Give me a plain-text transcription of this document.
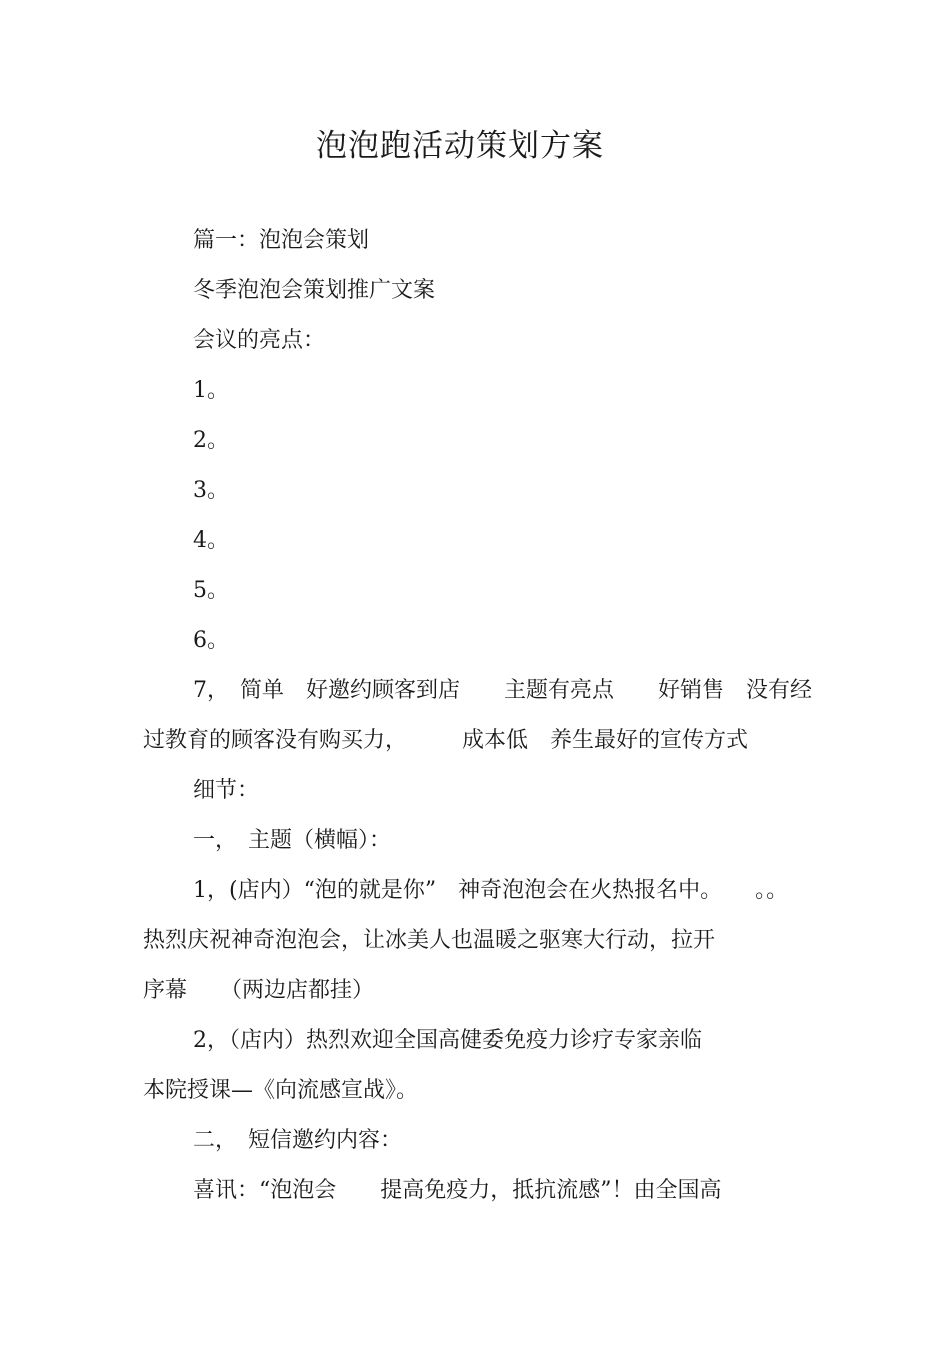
泡泡跑活动策划方案
篇一：泡泡会策划
冬季泡泡会策划推广文案
会议的亮点：
1。
2。
3。
4。
5。
6。
7，　简单　好邀约顾客到店　　主题有亮点　　好销售　没有经
过教育的顾客没有购买力，　　　成本低　养生最好的宣传方式
细节：
一，　主题（横幅）：
1，(店内）“泡的就是你”　神奇泡泡会在火热报名中。　　。。
热烈庆祝神奇泡泡会，让冰美人也温暖之驱寒大行动，拉开
序幕　　（两边店都挂）
2，（店内）热烈欢迎全国高健委免疫力诊疗专家亲临
本院授课—《向流感宣战》。
二，　短信邀约内容：
喜讯：“泡泡会　　提高免疫力，抵抗流感”！由全国高
